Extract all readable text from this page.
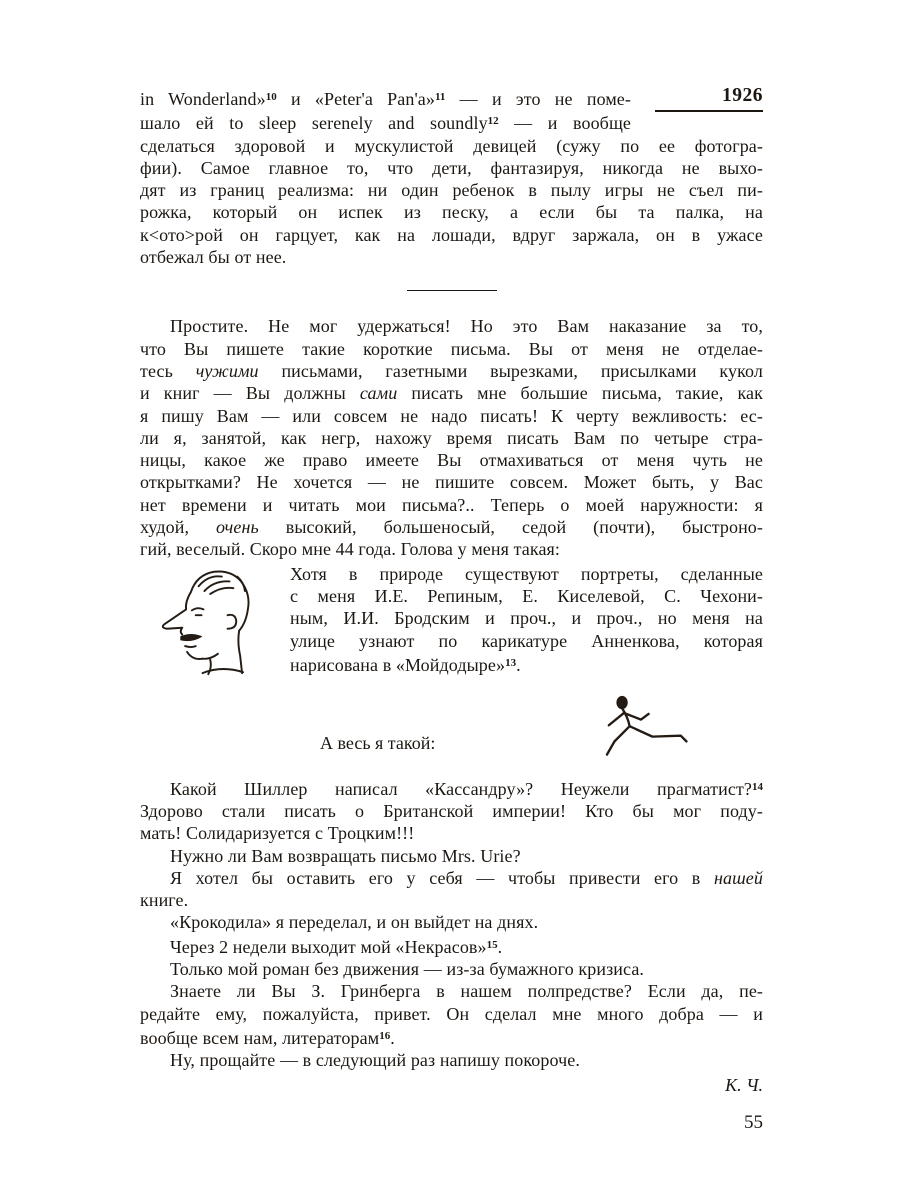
1926
in Wonderland»$^{10}$ и «Peter'a Pan'a»$^{11}$ — и это не поме-
шало ей to sleep serenely and soundly$^{12}$ — и вообще
сделаться здоровой и мускулистой девицей (сужу по ее фотогра-
фии). Самое главное то, что дети, фантазируя, никогда не выхо-
дят из границ реализма: ни один ребенок в пылу игры не съел пи-
рожка, который он испек из песку, а если бы та палка, на
к<ото>рой он гарцует, как на лошади, вдруг заржала, он в ужасе
отбежал бы от нее.
Простите. Не мог удержаться! Но это Вам наказание за то,
что Вы пишете такие короткие письма. Вы от меня не отделае-
тесь чужими письмами, газетными вырезками, присылками кукол
и книг — Вы должны сами писать мне большие письма, такие, как
я пишу Вам — или совсем не надо писать! К черту вежливость: ес-
ли я, занятой, как негр, нахожу время писать Вам по четыре стра-
ницы, какое же право имеете Вы отмахиваться от меня чуть не
открытками? Не хочется — не пишите совсем. Может быть, у Вас
нет времени и читать мои письма?.. Теперь о моей наружности: я
худой, очень высокий, большеносый, седой (почти), быстроно-
гий, веселый. Скоро мне 44 года. Голова у меня такая:
Хотя в природе существуют портреты, сделанные
с меня И.Е. Репиным, Е. Киселевой, С. Чехони-
ным, И.И. Бродским и проч., и проч., но меня на
улице узнают по карикатуре Анненкова, которая
нарисована в «Мойдодыре»$^{13}$.
А весь я такой:
Какой Шиллер написал «Кассандру»? Неужели прагматист?$^{14}$
Здорово стали писать о Британской империи! Кто бы мог поду-
мать! Солидаризуется с Троцким!!!
Нужно ли Вам возвращать письмо Mrs. Urie?
Я хотел бы оставить его у себя — чтобы привести его в нашей
книге.
«Крокодила» я переделал, и он выйдет на днях.
Через 2 недели выходит мой «Некрасов»$^{15}$.
Только мой роман без движения — из-за бумажного кризиса.
Знаете ли Вы З. Гринберга в нашем полпредстве? Если да, пе-
редайте ему, пожалуйста, привет. Он сделал мне много добра — и
вообще всем нам, литераторам$^{16}$.
Ну, прощайте — в следующий раз напишу покороче.
К. Ч.
55
